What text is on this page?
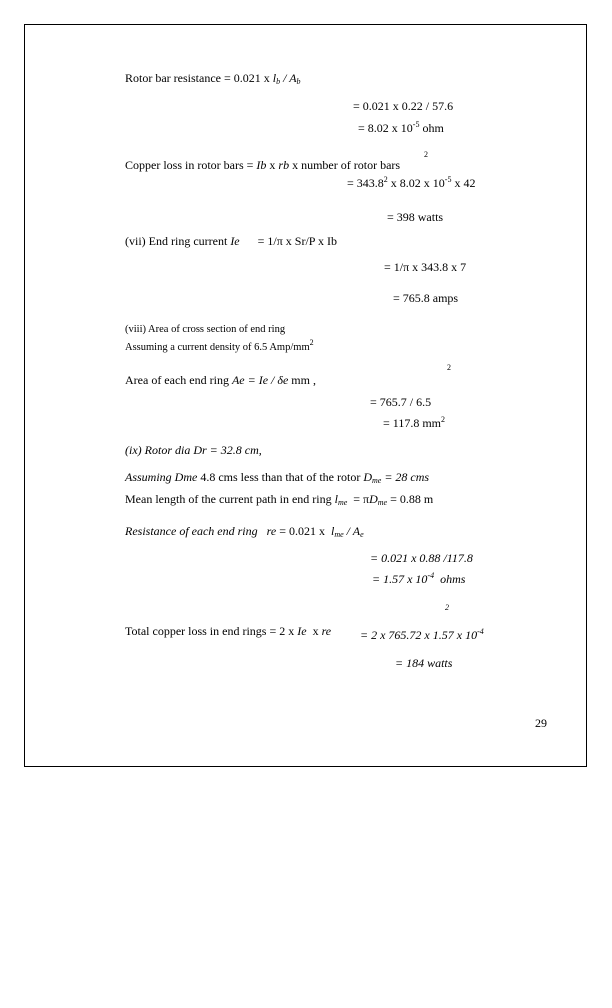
Rotor bar resistance = 0.021 x $l_b / A_b$
= 0.021 x 0.22 / 57.6
= 8.02 x $10^{-5}$ ohm
2
Copper loss in rotor bars = Ib x rb x number of rotor bars
= $343.8^2$ x 8.02 x $10^{-5}$ x 42
= 398 watts
(vii) End ring current Ie      = 1/π x Sr/P x Ib
= 1/π x 343.8 x 7
= 765.8 amps
(viii) Area of cross section of end ring
Assuming a current density of 6.5 Amp/$mm^2$
2
Area of each end ring Ae = Ie / δe mm ,
= 765.7 / 6.5
= 117.8 $mm^2$
(ix) Rotor dia Dr = 32.8 cm,
Assuming Dme 4.8 cms less than that of the rotor $D_{me} = 28$ cms
Mean length of the current path in end ring $l_{me} = \pi D_{me} = 0.88$ m
Resistance of each end ring   re = 0.021 x  $l_{me} / A_e$
= 0.021 x 0.88 /117.8
= 1.57 x $10^{-4}$  ohms
2
Total copper loss in end rings = 2 x Ie  x re = 2 x 765.72 x 1.57 x $10^{-4}$
= 184 watts
29
